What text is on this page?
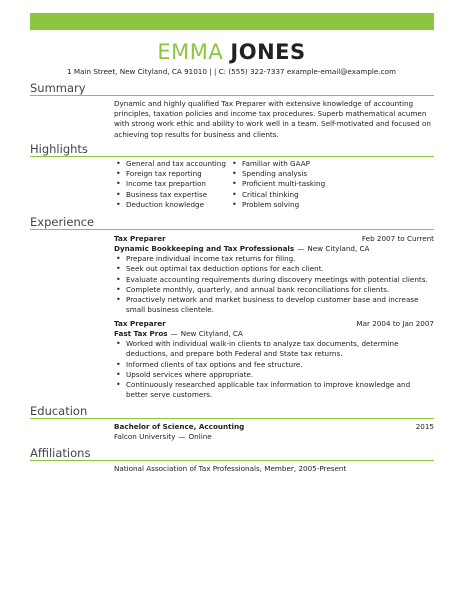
EMMA JONES
1 Main Street, New Cityland, CA 91010 | | C: (555) 322-7337 example-email@example.com
Summary
Dynamic and highly qualified Tax Preparer with extensive knowledge of accounting principles, taxation policies and income tax procedures. Superb mathematical acumen with strong work ethic and ability to work well in a team. Self-motivated and focused on achieving top results for business and clients.
Highlights
• General and tax accounting
• Foreign tax reporting
• Income tax prepartion
• Business tax expertise
• Deduction knowledge
• Familiar with GAAP
• Spending analysis
• Proficient multi-tasking
• Critical thinking
• Problem solving
Experience
Tax Preparer	Feb 2007 to Current
Dynamic Bookkeeping and Tax Professionals — New Cityland, CA
• Prepare individual income tax returns for filing.
• Seek out optimal tax deduction options for each client.
• Evaluate accounting requirements during discovery meetings with potential clients.
• Complete monthly, quarterly, and annual bank reconciliations for clients.
• Proactively network and market business to develop customer base and increase small business clientele.
Tax Preparer	Mar 2004 to Jan 2007
Fast Tax Pros — New Cityland, CA
• Worked with individual walk-in clients to analyze tax documents, determine deductions, and prepare both Federal and State tax returns.
• Informed clients of tax options and fee structure.
• Upsold services where appropriate.
• Continuously researched applicable tax information to improve knowledge and better serve customers.
Education
Bachelor of Science, Accounting	2015
Falcon University — Online
Affiliations
National Association of Tax Professionals, Member, 2005-Present
